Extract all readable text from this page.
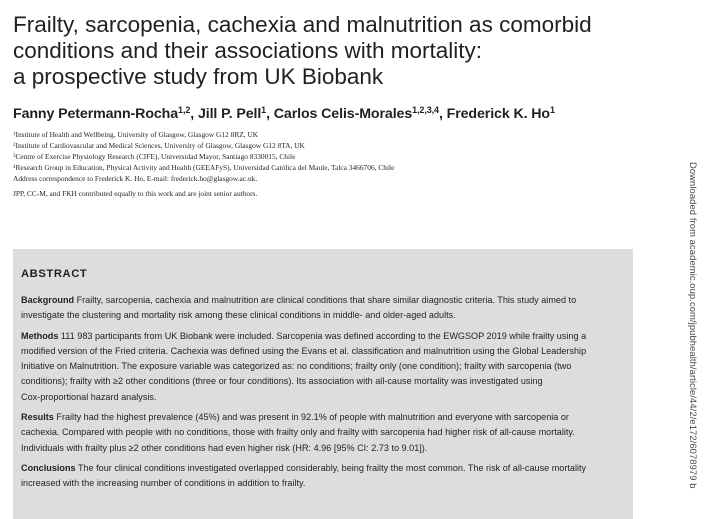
Frailty, sarcopenia, cachexia and malnutrition as comorbid
conditions and their associations with mortality:
a prospective study from UK Biobank
Fanny Petermann-Rocha$^{1,2}$, Jill P. Pell$^1$, Carlos Celis-Morales$^{1,2,3,4}$, Frederick K. Ho$^1$
$^1$Institute of Health and Wellbeing, University of Glasgow, Glasgow G12 8RZ, UK
$^2$Institute of Cardiovascular and Medical Sciences, University of Glasgow, Glasgow G12 8TA, UK
$^3$Centre of Exercise Physiology Research (CIFE), Universidad Mayor, Santiago 8330015, Chile
$^4$Research Group in Education, Physical Activity and Health (GEEAFyS), Universidad Católica del Maule, Talca 3466706, Chile
Address correspondence to Frederick K. Ho, E-mail: frederick.ho@glasgow.ac.uk.
JPP, CC-M, and FKH contributed equally to this work and are joint senior authors.
ABSTRACT

Background Frailty, sarcopenia, cachexia and malnutrition are clinical conditions that share similar diagnostic criteria. This study aimed to
investigate the clustering and mortality risk among these clinical conditions in middle- and older-aged adults.

Methods 111 983 participants from UK Biobank were included. Sarcopenia was defined according to the EWGSOP 2019 while frailty using a
modified version of the Fried criteria. Cachexia was defined using the Evans et al. classification and malnutrition using the Global Leadership
Initiative on Malnutrition. The exposure variable was categorized as: no conditions; frailty only (one condition); frailty with sarcopenia (two
conditions); frailty with ≥2 other conditions (three or four conditions). Its association with all-cause mortality was investigated using
Cox-proportional hazard analysis.

Results Frailty had the highest prevalence (45%) and was present in 92.1% of people with malnutrition and everyone with sarcopenia or
cachexia. Compared with people with no conditions, those with frailty only and frailty with sarcopenia had higher risk of all-cause mortality.
Individuals with frailty plus ≥2 other conditions had even higher risk (HR: 4.96 [95% CI: 2.73 to 9.01]).

Conclusions The four clinical conditions investigated overlapped considerably, being frailty the most common. The risk of all-cause mortality
increased with the increasing number of conditions in addition to frailty.	Downloaded from academic.oup.com/jpubhealth/article/44/2/e172/6078979 b
